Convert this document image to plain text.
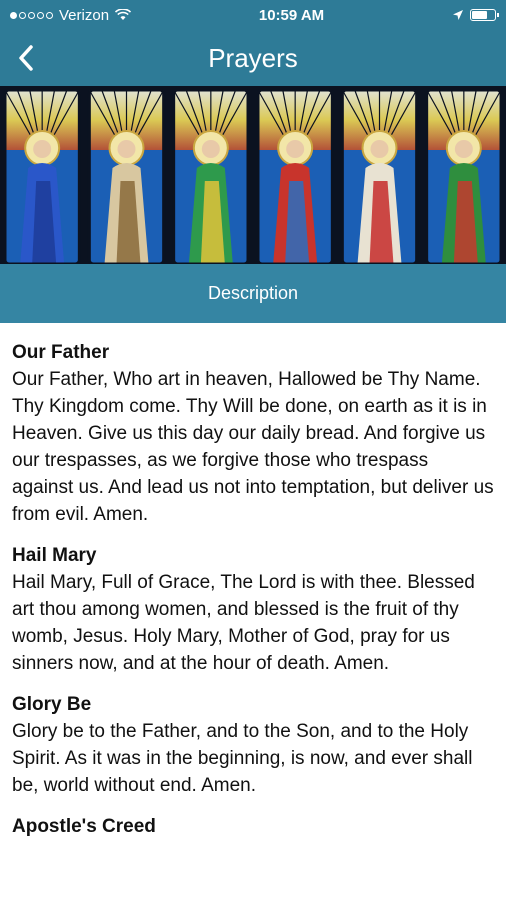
Verizon	10:59 AM
Prayers
Description
Our Father
Our Father, Who art in heaven, Hallowed be Thy Name. Thy Kingdom come. Thy Will be done, on earth as it is in Heaven. Give us this day our daily bread. And forgive us our trespasses, as we forgive those who trespass against us. And lead us not into temptation, but deliver us from evil. Amen.
Hail Mary
Hail Mary, Full of Grace, The Lord is with thee. Blessed art thou among women, and blessed is the fruit of thy womb, Jesus. Holy Mary, Mother of God, pray for us sinners now, and at the hour of death. Amen.
Glory Be
Glory be to the Father, and to the Son, and to the Holy Spirit. As it was in the beginning, is now, and ever shall be, world without end. Amen.
Apostle's Creed
